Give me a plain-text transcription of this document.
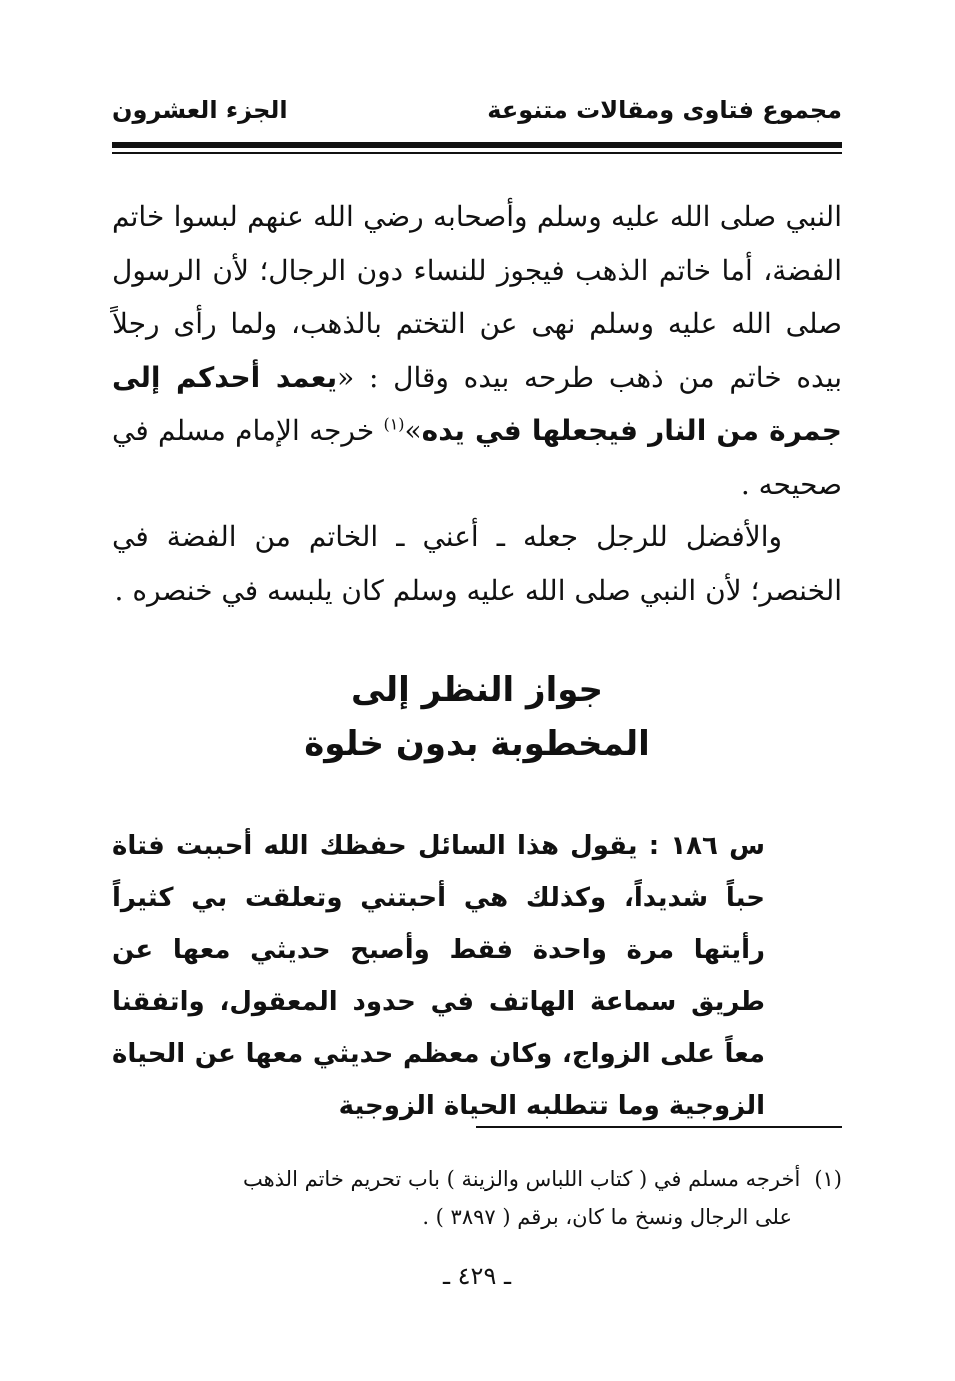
مجموع فتاوى ومقالات متنوعة
الجزء العشرون

النبي صلى الله عليه وسلم وأصحابه رضي الله عنهم لبسوا خاتم الفضة، أما خاتم الذهب فيجوز للنساء دون الرجال؛ لأن الرسول صلى الله عليه وسلم نهى عن التختم بالذهب، ولما رأى رجلاً بيده خاتم من ذهب طرحه بيده وقال : «يعمد أحدكم إلى جمرة من النار فيجعلها في يده»$^{(١)}$ خرجه الإمام مسلم في صحيحه .

والأفضل للرجل جعله ـ أعني ـ الخاتم من الفضة في الخنصر؛ لأن النبي صلى الله عليه وسلم كان يلبسه في خنصره .

جواز النظر إلى
المخطوبة بدون خلوة

س ١٨٦ : يقول هذا السائل حفظك الله أحببت فتاة حباً شديداً، وكذلك هي أحبتني وتعلقت بي كثيراً رأيتها مرة واحدة فقط وأصبح حديثي معها عن طريق سماعة الهاتف في حدود المعقول، واتفقنا معاً على الزواج، وكان معظم حديثي معها عن الحياة الزوجية وما تتطلبه الحياة الزوجية

(١)أخرجه مسلم في ( كتاب اللباس والزينة ) باب تحريم خاتم الذهب
على الرجال ونسخ ما كان، برقم ( ٣٨٩٧ ) .

ـ ٤٢٩ ـ
